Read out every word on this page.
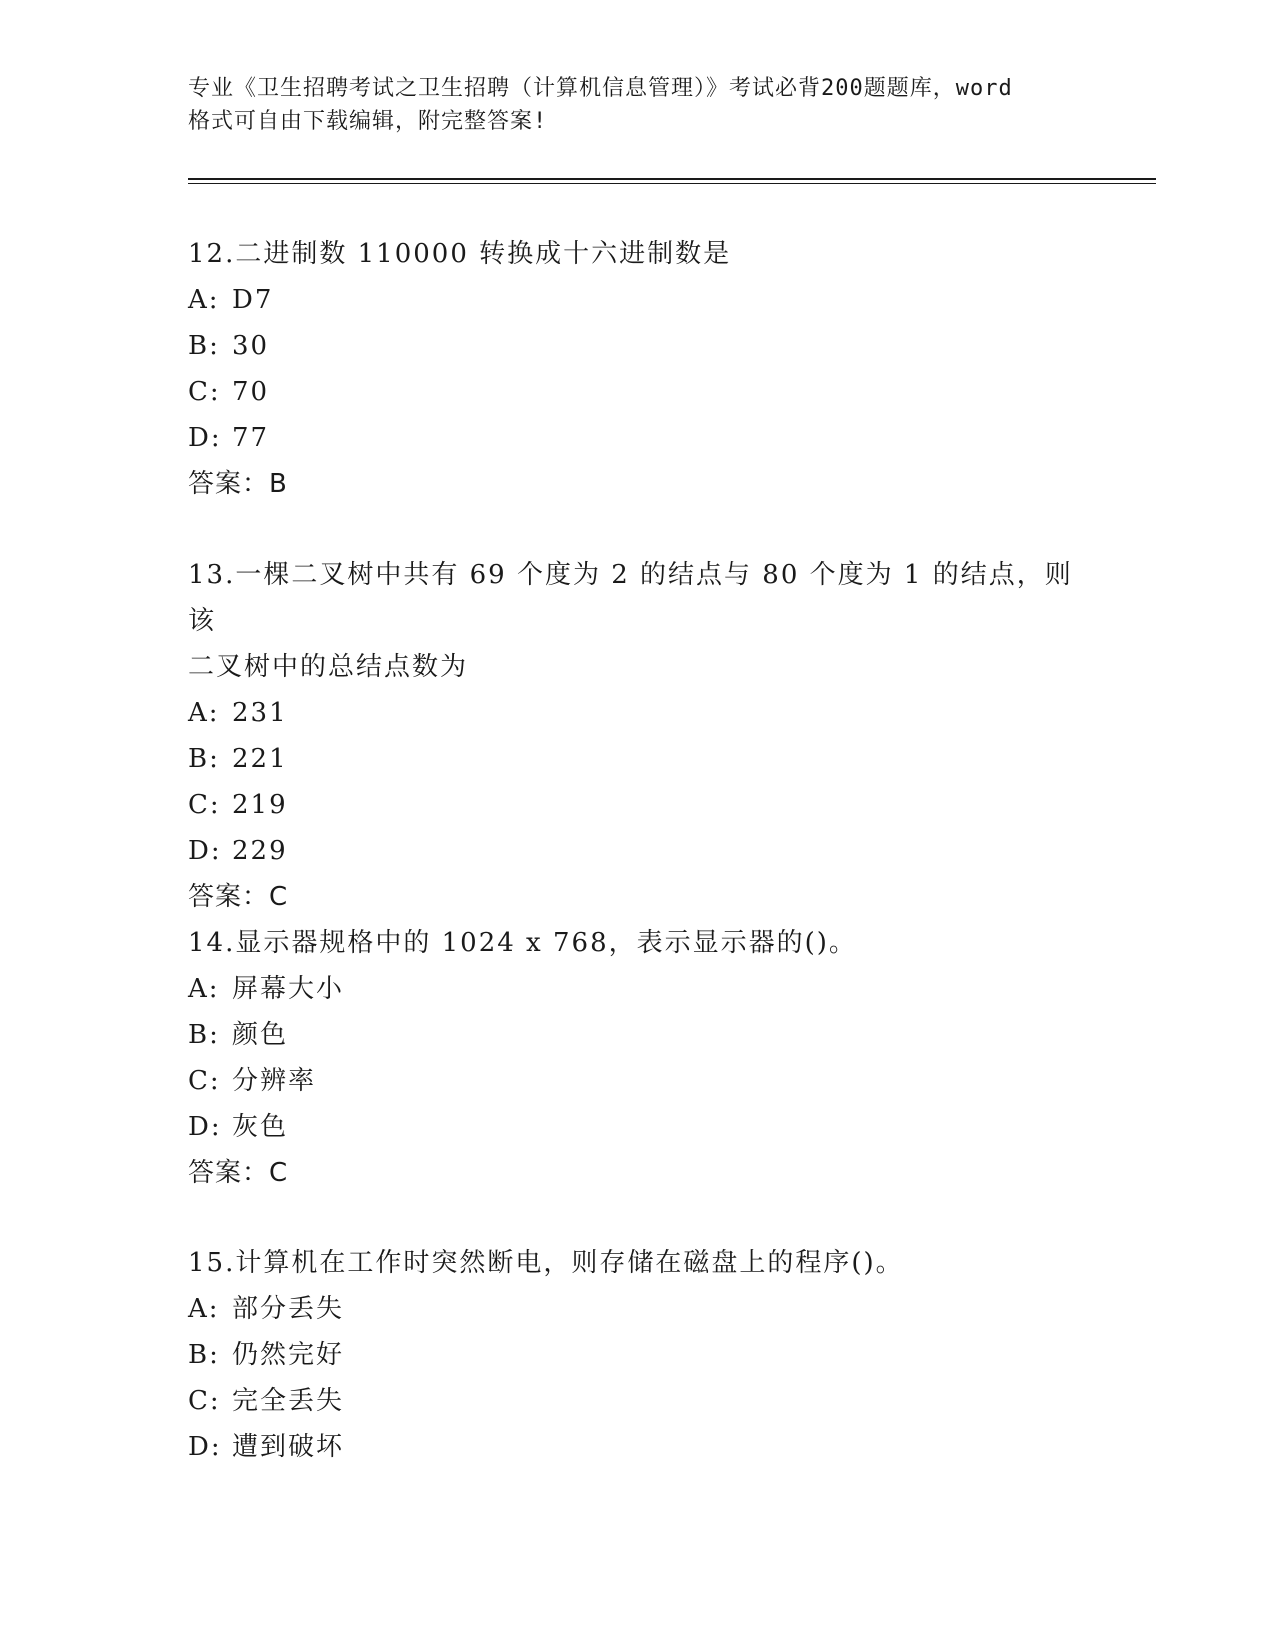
专业《卫生招聘考试之卫生招聘（计算机信息管理）》考试必背200题题库，word
格式可自由下载编辑，附完整答案!

12.二进制数 110000 转换成十六进制数是

A: D7

B: 30

C: 70

D: 77

答案：B

13.一棵二叉树中共有 69 个度为 2 的结点与 80 个度为 1 的结点，则该

二叉树中的总结点数为

A: 231

B: 221

C: 219

D: 229

答案：C

14.显示器规格中的 1024 x 768，表示显示器的()。

A: 屏幕大小

B: 颜色

C: 分辨率

D: 灰色

答案：C

15.计算机在工作时突然断电，则存储在磁盘上的程序()。

A: 部分丢失

B: 仍然完好

C: 完全丢失

D: 遭到破坏
